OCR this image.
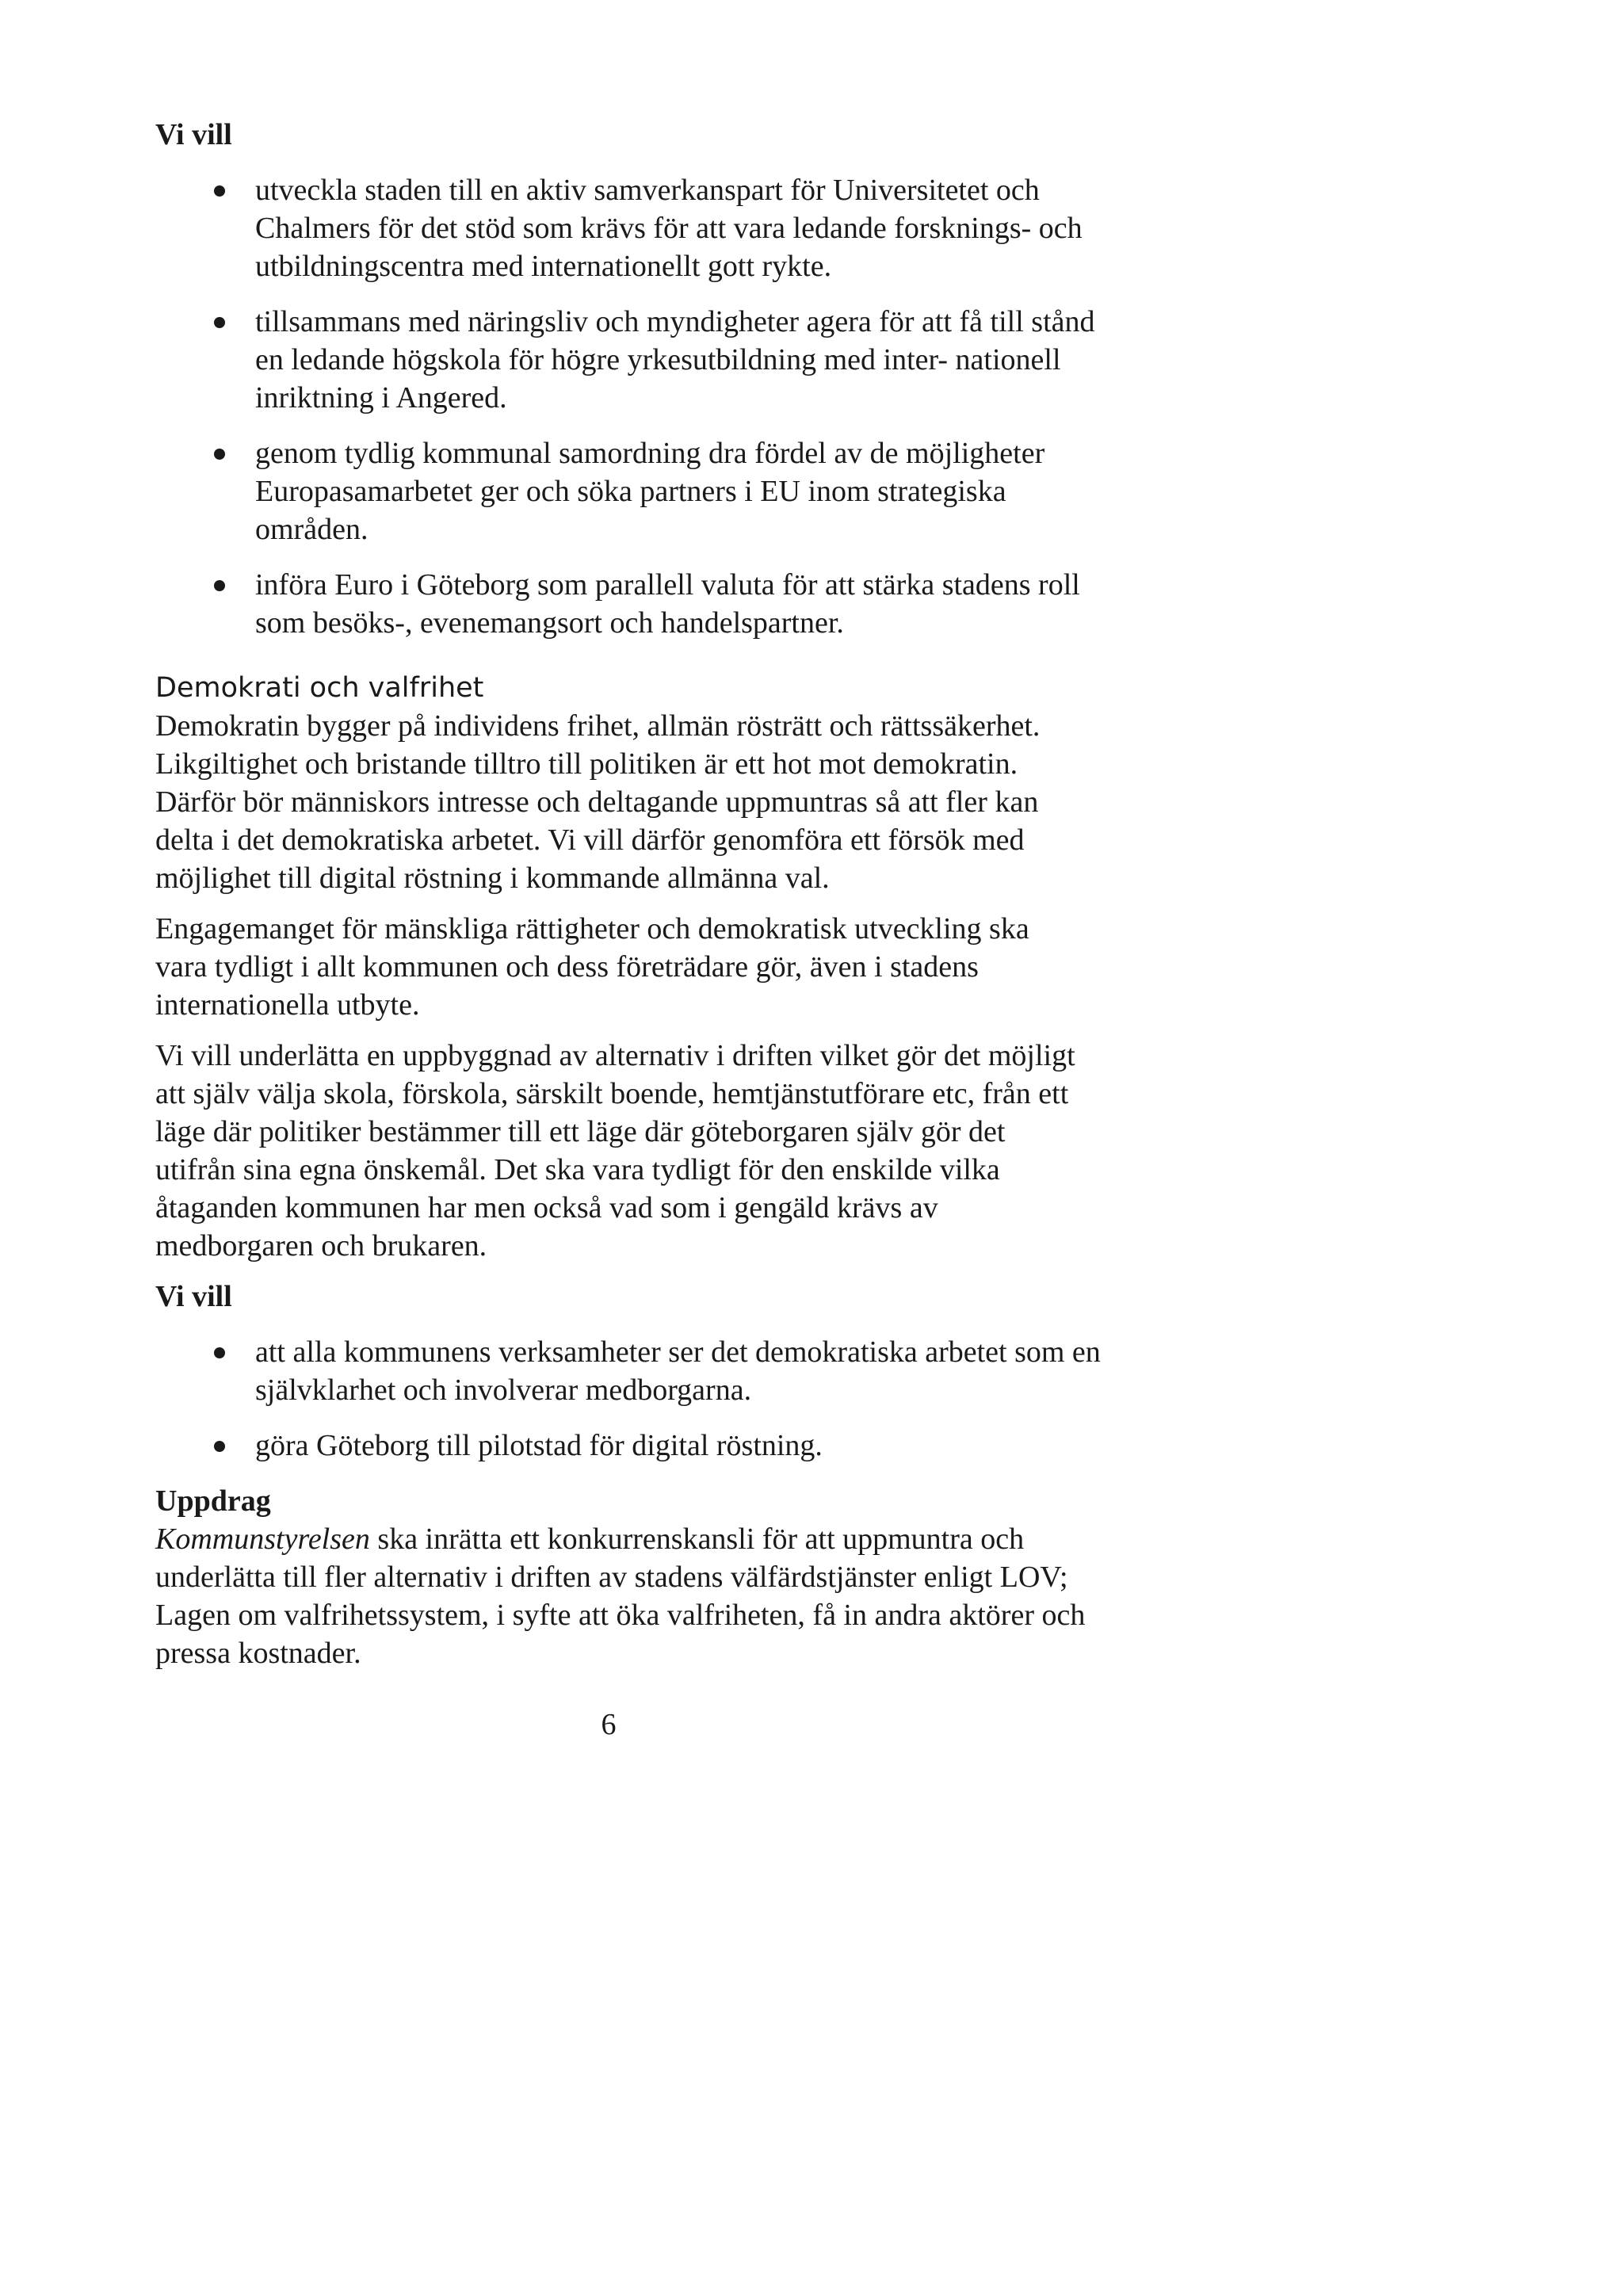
Vi vill

utveckla staden till en aktiv samverkanspart för Universitetet och Chalmers för det stöd som krävs för att vara ledande forsknings- och utbildningscentra med internationellt gott rykte.
tillsammans med näringsliv och myndigheter agera för att få till stånd en ledande högskola för högre yrkesutbildning med inter- nationell inriktning i Angered.
genom tydlig kommunal samordning dra fördel av de möjligheter Europasamarbetet ger och söka partners i EU inom strategiska områden.
införa Euro i Göteborg som parallell valuta för att stärka stadens roll som besöks-, evenemangsort och handelspartner.
Demokrati och valfrihet

Demokratin bygger på individens frihet, allmän rösträtt och rättssäkerhet. Likgiltighet och bristande tilltro till politiken är ett hot mot demokratin. Därför bör människors intresse och deltagande uppmuntras så att fler kan delta i det demokratiska arbetet. Vi vill därför genomföra ett försök med möjlighet till digital röstning i kommande allmänna val.

Engagemanget för mänskliga rättigheter och demokratisk utveckling ska vara tydligt i allt kommunen och dess företrädare gör, även i stadens internationella utbyte.

Vi vill underlätta en uppbyggnad av alternativ i driften vilket gör det möjligt att själv välja skola, förskola, särskilt boende, hemtjänstutförare etc, från ett läge där politiker bestämmer till ett läge där göteborgaren själv gör det utifrån sina egna önskemål. Det ska vara tydligt för den enskilde vilka åtaganden kommunen har men också vad som i gengäld krävs av medborgaren och brukaren.

Vi vill

att alla kommunens verksamheter ser det demokratiska arbetet som en självklarhet och involverar medborgarna.
göra Göteborg till pilotstad för digital röstning.

Uppdrag

Kommunstyrelsen ska inrätta ett konkurrenskansli för att uppmuntra och underlätta till fler alternativ i driften av stadens välfärdstjänster enligt LOV; Lagen om valfrihetssystem, i syfte att öka valfriheten, få in andra aktörer och pressa kostnader.

6
